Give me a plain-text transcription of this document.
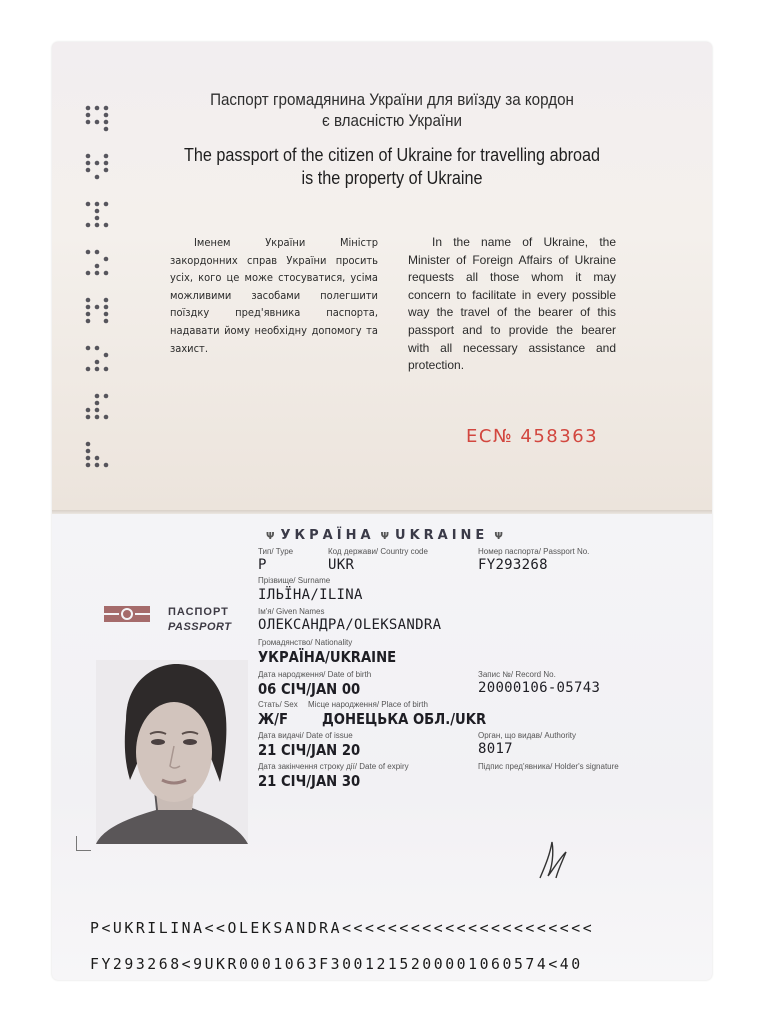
Паспорт громадянина України для виїзду за кордон
є власністю України
The passport of the citizen of Ukraine for travelling abroad
is the property of Ukraine

Іменем України Міністр закордонних справ України просить усіх, кого це може стосуватися, усіма можливими засобами полегшити поїздку пред'явника паспорта, надавати йому необхідну допомогу та захист.

In the name of Ukraine, the Minister of Foreign Affairs of Ukraine requests all those whom it may concern to facilitate in every possible way the travel of the bearer of this passport and to provide the bearer with all necessary assistance and protection.

ЕС№ 458363
Ψ УКРАЇНА Ψ UKRAINE Ψ
ПАСПОРТ
PASSPORT
Тип/ Type
P
Код держави/ Country code
UKR
Номер паспорта/ Passport No.
FY293268
Прізвище/ Surname
ІЛЬЇНА/ILINA
Ім'я/ Given Names
ОЛЕКСАНДРА/OLEKSANDRA
Громадянство/ Nationality
УКРАЇНА/UKRAINE
Дата народження/ Date of birth
06 СІЧ/JAN 00
Запис №/ Record No.
20000106-05743
Стать/ Sex
Ж/F
Місце народження/ Place of birth
ДОНЕЦЬКА ОБЛ./UKR
Дата видачі/ Date of issue
21 СІЧ/JAN 20
Орган, що видав/ Authority
8017
Дата закінчення строку дії/ Date of expiry
21 СІЧ/JAN 30
Підпис пред'явника/ Holder's signature
P<UKRILINA<<OLEKSANDRA<<<<<<<<<<<<<<<<<<<<<<
FY293268<9UKR0001063F3001215200001060574<40
